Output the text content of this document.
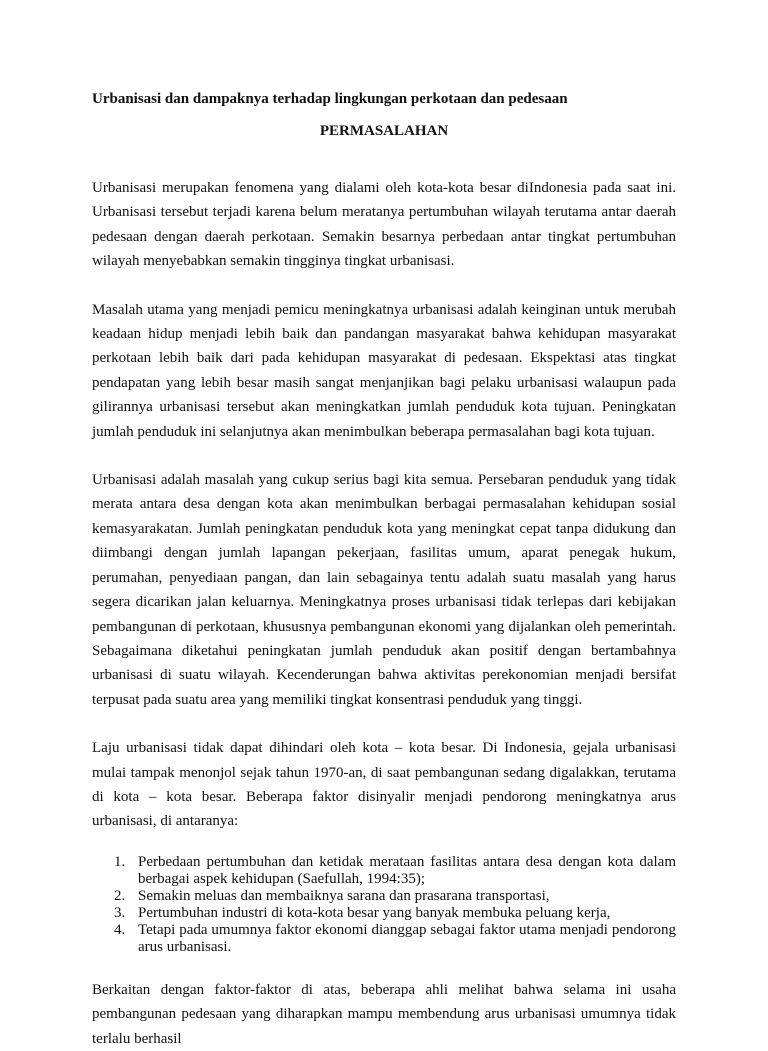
Urbanisasi dan dampaknya terhadap lingkungan perkotaan dan pedesaan

PERMASALAHAN

Urbanisasi merupakan fenomena yang dialami oleh kota-kota besar diIndonesia pada saat ini. Urbanisasi tersebut terjadi karena belum meratanya pertumbuhan wilayah terutama antar daerah pedesaan dengan daerah perkotaan. Semakin besarnya perbedaan antar tingkat pertumbuhan wilayah menyebabkan semakin tingginya tingkat urbanisasi.

Masalah utama yang menjadi pemicu meningkatnya urbanisasi adalah keinginan untuk merubah keadaan hidup menjadi lebih baik dan pandangan masyarakat bahwa kehidupan masyarakat perkotaan lebih baik dari pada kehidupan masyarakat di pedesaan. Ekspektasi atas tingkat pendapatan yang lebih besar masih sangat menjanjikan bagi pelaku urbanisasi walaupun pada gilirannya urbanisasi tersebut akan meningkatkan jumlah penduduk kota tujuan. Peningkatan jumlah penduduk ini selanjutnya akan menimbulkan beberapa permasalahan bagi kota tujuan.

Urbanisasi adalah masalah yang cukup serius bagi kita semua. Persebaran penduduk yang tidak merata antara desa dengan kota akan menimbulkan berbagai permasalahan kehidupan sosial kemasyarakatan. Jumlah peningkatan penduduk kota yang meningkat cepat tanpa didukung dan diimbangi dengan jumlah lapangan pekerjaan, fasilitas umum, aparat penegak hukum, perumahan, penyediaan pangan, dan lain sebagainya tentu adalah suatu masalah yang harus segera dicarikan jalan keluarnya. Meningkatnya proses urbanisasi tidak terlepas dari kebijakan pembangunan di perkotaan, khususnya pembangunan ekonomi yang dijalankan oleh pemerintah. Sebagaimana diketahui peningkatan jumlah penduduk akan positif dengan bertambahnya urbanisasi di suatu wilayah. Kecenderungan bahwa aktivitas perekonomian menjadi bersifat terpusat pada suatu area yang memiliki tingkat konsentrasi penduduk yang tinggi.

Laju urbanisasi tidak dapat dihindari oleh kota – kota besar. Di Indonesia, gejala urbanisasi mulai tampak menonjol sejak tahun 1970-an, di saat pembangunan sedang digalakkan, terutama di kota – kota besar. Beberapa faktor disinyalir menjadi pendorong meningkatnya arus urbanisasi, di antaranya:

1. Perbedaan pertumbuhan dan ketidak merataan fasilitas antara desa dengan kota dalam berbagai aspek kehidupan (Saefullah, 1994:35);
2. Semakin meluas dan membaiknya sarana dan prasarana transportasi,
3. Pertumbuhan industri di kota-kota besar yang banyak membuka peluang kerja,
4. Tetapi pada umumnya faktor ekonomi dianggap sebagai faktor utama menjadi pendorong arus urbanisasi.

Berkaitan dengan faktor-faktor di atas, beberapa ahli melihat bahwa selama ini usaha pembangunan pedesaan yang diharapkan mampu membendung arus urbanisasi umumnya tidak terlalu berhasil
